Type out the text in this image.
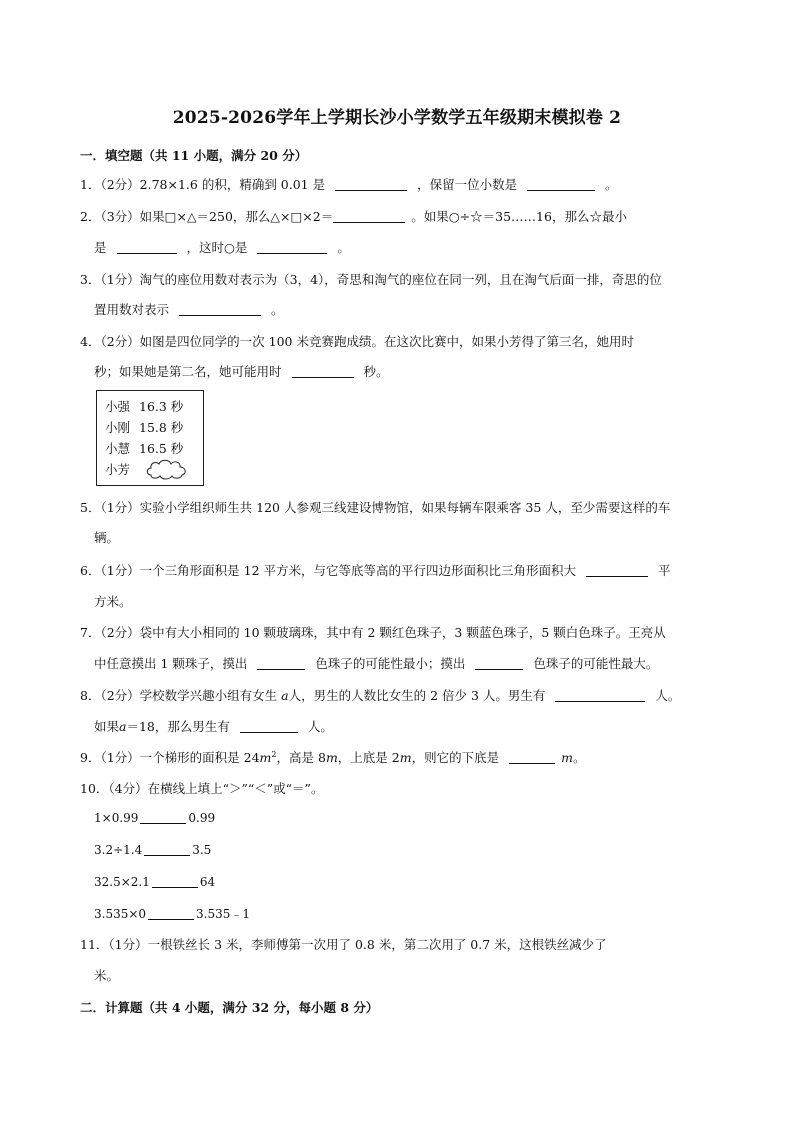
2025-2026学年上学期长沙小学数学五年级期末模拟卷 2
一．填空题（共 11 小题，满分 20 分）
1．（2分）2.78×1.6 的积，精确到 0.01 是	，保留一位小数是	。
2．（3分）如果□×△＝250，那么△×□×2＝	。如果○÷☆＝35……16，那么☆最小
是	，这时○是	。
3．（1分）淘气的座位用数对表示为（3，4），奇思和淘气的座位在同一列，且在淘气后面一排，奇思的位
置用数对表示	。
4．（2分）如图是四位同学的一次 100 米竞赛跑成绩。在这次比赛中，如果小芳得了第三名，她用时
秒；如果她是第二名，她可能用时	秒。
小强 16.3 秒
小刚 15.8 秒
小慧 16.5 秒
小芳
5．（1分）实验小学组织师生共 120 人参观三线建设博物馆，如果每辆车限乘客 35 人，至少需要这样的车
辆。
6．（1分）一个三角形面积是 12 平方米，与它等底等高的平行四边形面积比三角形面积大	平
方米。
7．（2分）袋中有大小相同的 10 颗玻璃珠，其中有 2 颗红色珠子，3 颗蓝色珠子，5 颗白色珠子。王亮从
中任意摸出 1 颗珠子，摸出	色珠子的可能性最小；摸出	色珠子的可能性最大。
8．（2分）学校数学兴趣小组有女生 a人，男生的人数比女生的 2 倍少 3 人。男生有	人。
如果a＝18，那么男生有	人。
9．（1分）一个梯形的面积是 $24m^2$，高是 8m，上底是 2m，则它的下底是	m。
10．（4分）在横线上填上“＞”“＜”或“＝”。
1×0.99	0.99
3.2÷1.4	3.5
32.5×2.1	64
3.535×0	3.535﹣1
11．（1分）一根铁丝长 3 米，李师傅第一次用了 0.8 米，第二次用了 0.7 米，这根铁丝减少了
米。
二．计算题（共 4 小题，满分 32 分，每小题 8 分）
